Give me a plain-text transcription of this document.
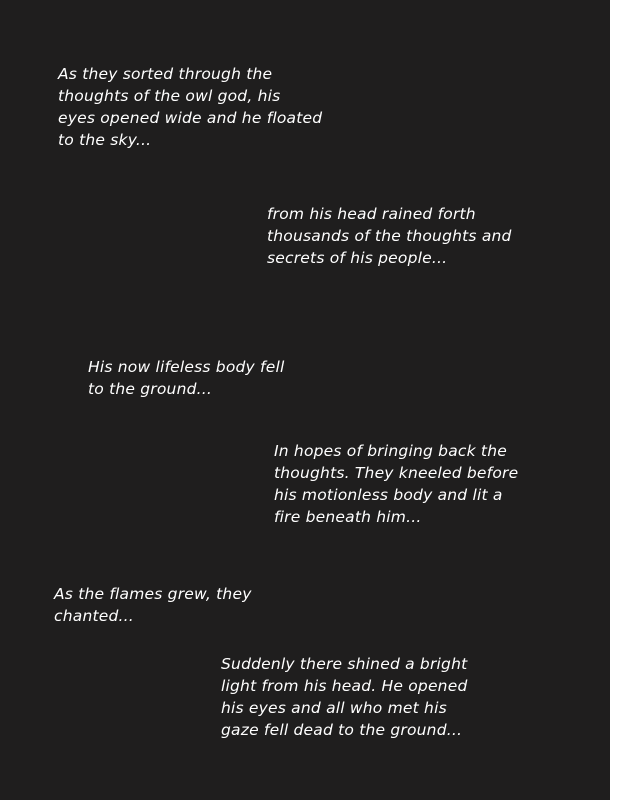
As they sorted through the
thoughts of the owl god, his
eyes opened wide and he floated
to the sky...

from his head rained forth
thousands of the thoughts and
secrets of his people...

His now lifeless body fell
to the ground...

In hopes of bringing back the
thoughts. They kneeled before
his motionless body and lit a
fire beneath him...

As the flames grew, they
chanted...

Suddenly there shined a bright
light from his head. He opened
his eyes and all who met his
gaze fell dead to the ground...
